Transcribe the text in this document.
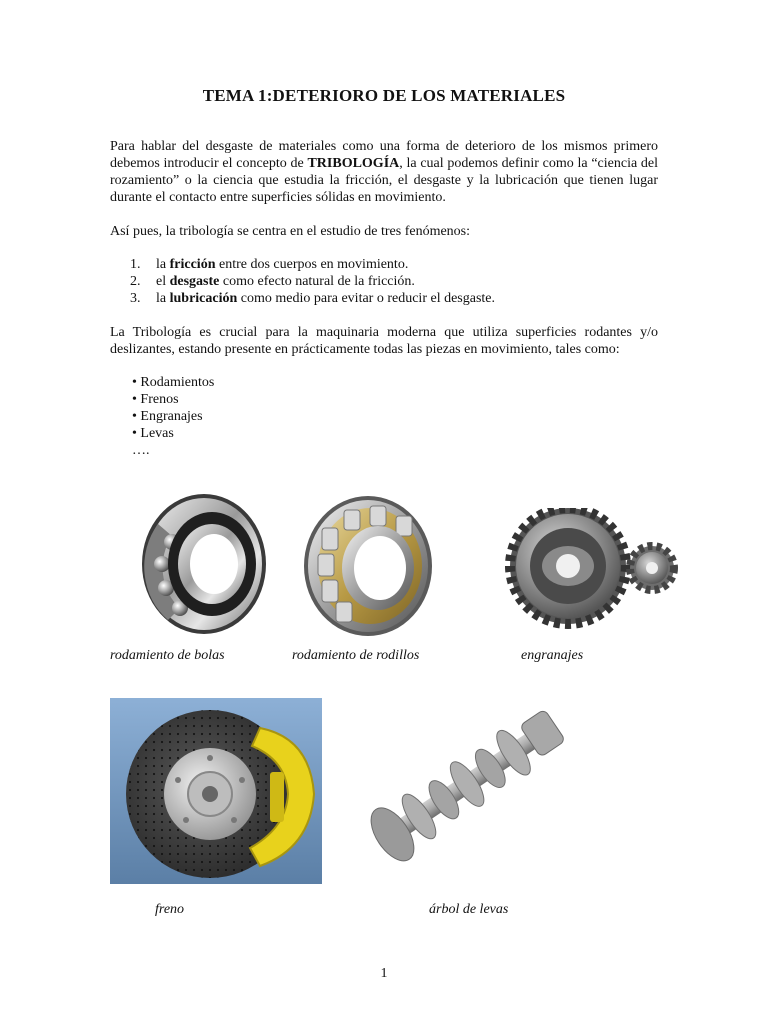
TEMA 1:DETERIORO DE LOS MATERIALES
Para hablar del desgaste de materiales como una forma de deterioro de los mismos primero debemos introducir el concepto de TRIBOLOGÍA, la cual podemos definir como la “ciencia del rozamiento” o la ciencia que estudia la fricción, el desgaste y la lubricación que tienen lugar durante el contacto entre superficies sólidas en movimiento.
Así pues, la tribología se centra en el estudio de tres fenómenos:
1. la fricción entre dos cuerpos en movimiento.
2. el desgaste como efecto natural de la fricción.
3. la lubricación como medio para evitar o reducir el desgaste.
La Tribología es crucial para la maquinaria moderna que utiliza superficies rodantes y/o deslizantes, estando presente en prácticamente todas las piezas en movimiento, tales como:
• Rodamientos
• Frenos
• Engranajes
• Levas
….
rodamiento de bolas	rodamiento de rodillos	engranajes
freno	árbol de levas
1
